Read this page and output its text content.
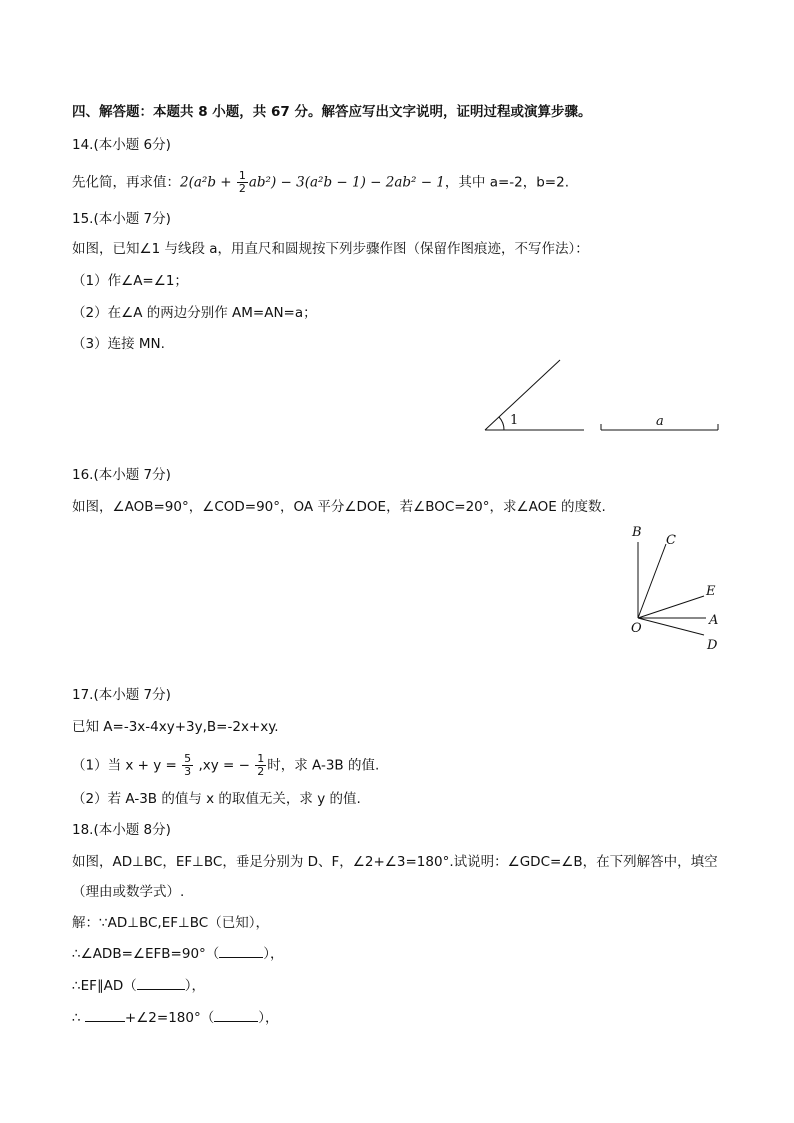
四、解答题：本题共 8 小题，共 67 分。解答应写出文字说明，证明过程或演算步骤。
14.(本小题 6分)
先化简，再求值：$2(a^2b + \frac{1}{2} ab^2) - 3(a^2b - 1) - 2ab^2 - 1$，其中 a=-2，b=2.
15.(本小题 7分)
如图，已知∠1 与线段 a，用直尺和圆规按下列步骤作图（保留作图痕迹，不写作法）：
（1）作∠A=∠1；
（2）在∠A 的两边分别作 AM=AN=a；
（3）连接 MN.
1	a
16.(本小题 7分)
如图，∠AOB=90°，∠COD=90°，OA 平分∠DOE，若∠BOC=20°，求∠AOE 的度数.
B
C
E
A
O
D
17.(本小题 7分)
已知 A=-3x-4xy+3y,B=-2x+xy.
（1）当 $x + y = \frac{5}{3} ,xy$ = − $\frac{1}{2}$ 时，求 A-3B 的值.
（2）若 A-3B 的值与 x 的取值无关，求 y 的值.
18.(本小题 8分)
如图，AD⊥BC，EF⊥BC，垂足分别为 D、F，∠2+∠3=180°.试说明：∠GDC=∠B，在下列解答中，填空
（理由或数学式）.
解：∵AD⊥BC,EF⊥BC（已知），
∴∠ADB=∠EFB=90°（	），
∴EF∥AD（	），
∴	+∠2=180°（	），
